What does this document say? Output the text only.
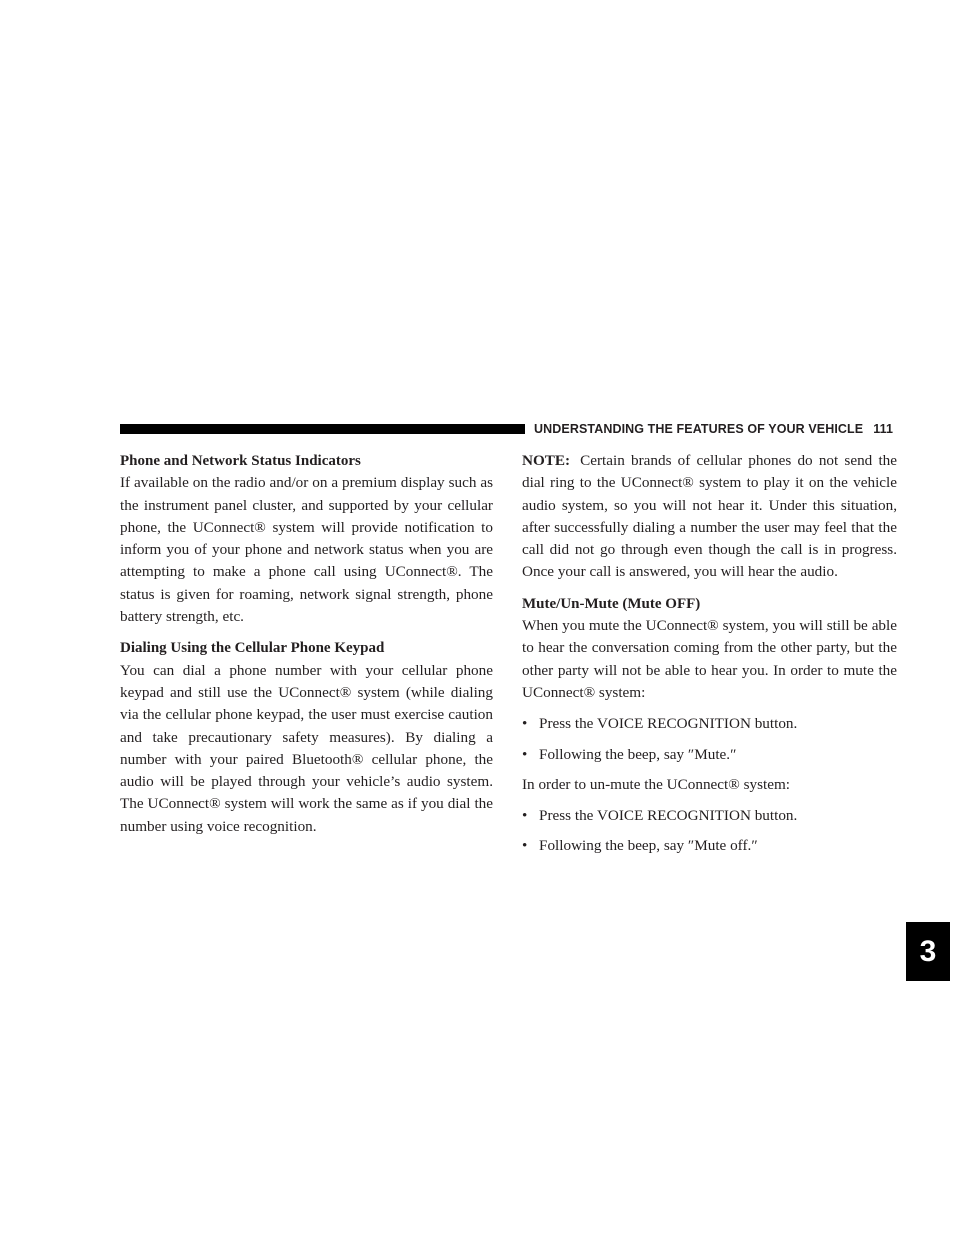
UNDERSTANDING THE FEATURES OF YOUR VEHICLE 111
3
Phone and Network Status Indicators

If available on the radio and/or on a premium display such as the instrument panel cluster, and supported by your cellular phone, the UConnect® system will provide notification to inform you of your phone and network status when you are attempting to make a phone call using UConnect®. The status is given for roaming, network signal strength, phone battery strength, etc.

Dialing Using the Cellular Phone Keypad

You can dial a phone number with your cellular phone keypad and still use the UConnect® system (while dialing via the cellular phone keypad, the user must exercise caution and take precautionary safety measures). By dialing a number with your paired Bluetooth® cellular phone, the audio will be played through your vehicle’s audio system. The UConnect® system will work the same as if you dial the number using voice recognition.

NOTE: Certain brands of cellular phones do not send the dial ring to the UConnect® system to play it on the vehicle audio system, so you will not hear it. Under this situation, after successfully dialing a number the user may feel that the call did not go through even though the call is in progress. Once your call is answered, you will hear the audio.

Mute/Un-Mute (Mute OFF)

When you mute the UConnect® system, you will still be able to hear the conversation coming from the other party, but the other party will not be able to hear you. In order to mute the UConnect® system:

• Press the VOICE RECOGNITION button.
• Following the beep, say ″Mute.″

In order to un-mute the UConnect® system:

• Press the VOICE RECOGNITION button.
• Following the beep, say ″Mute off.″
